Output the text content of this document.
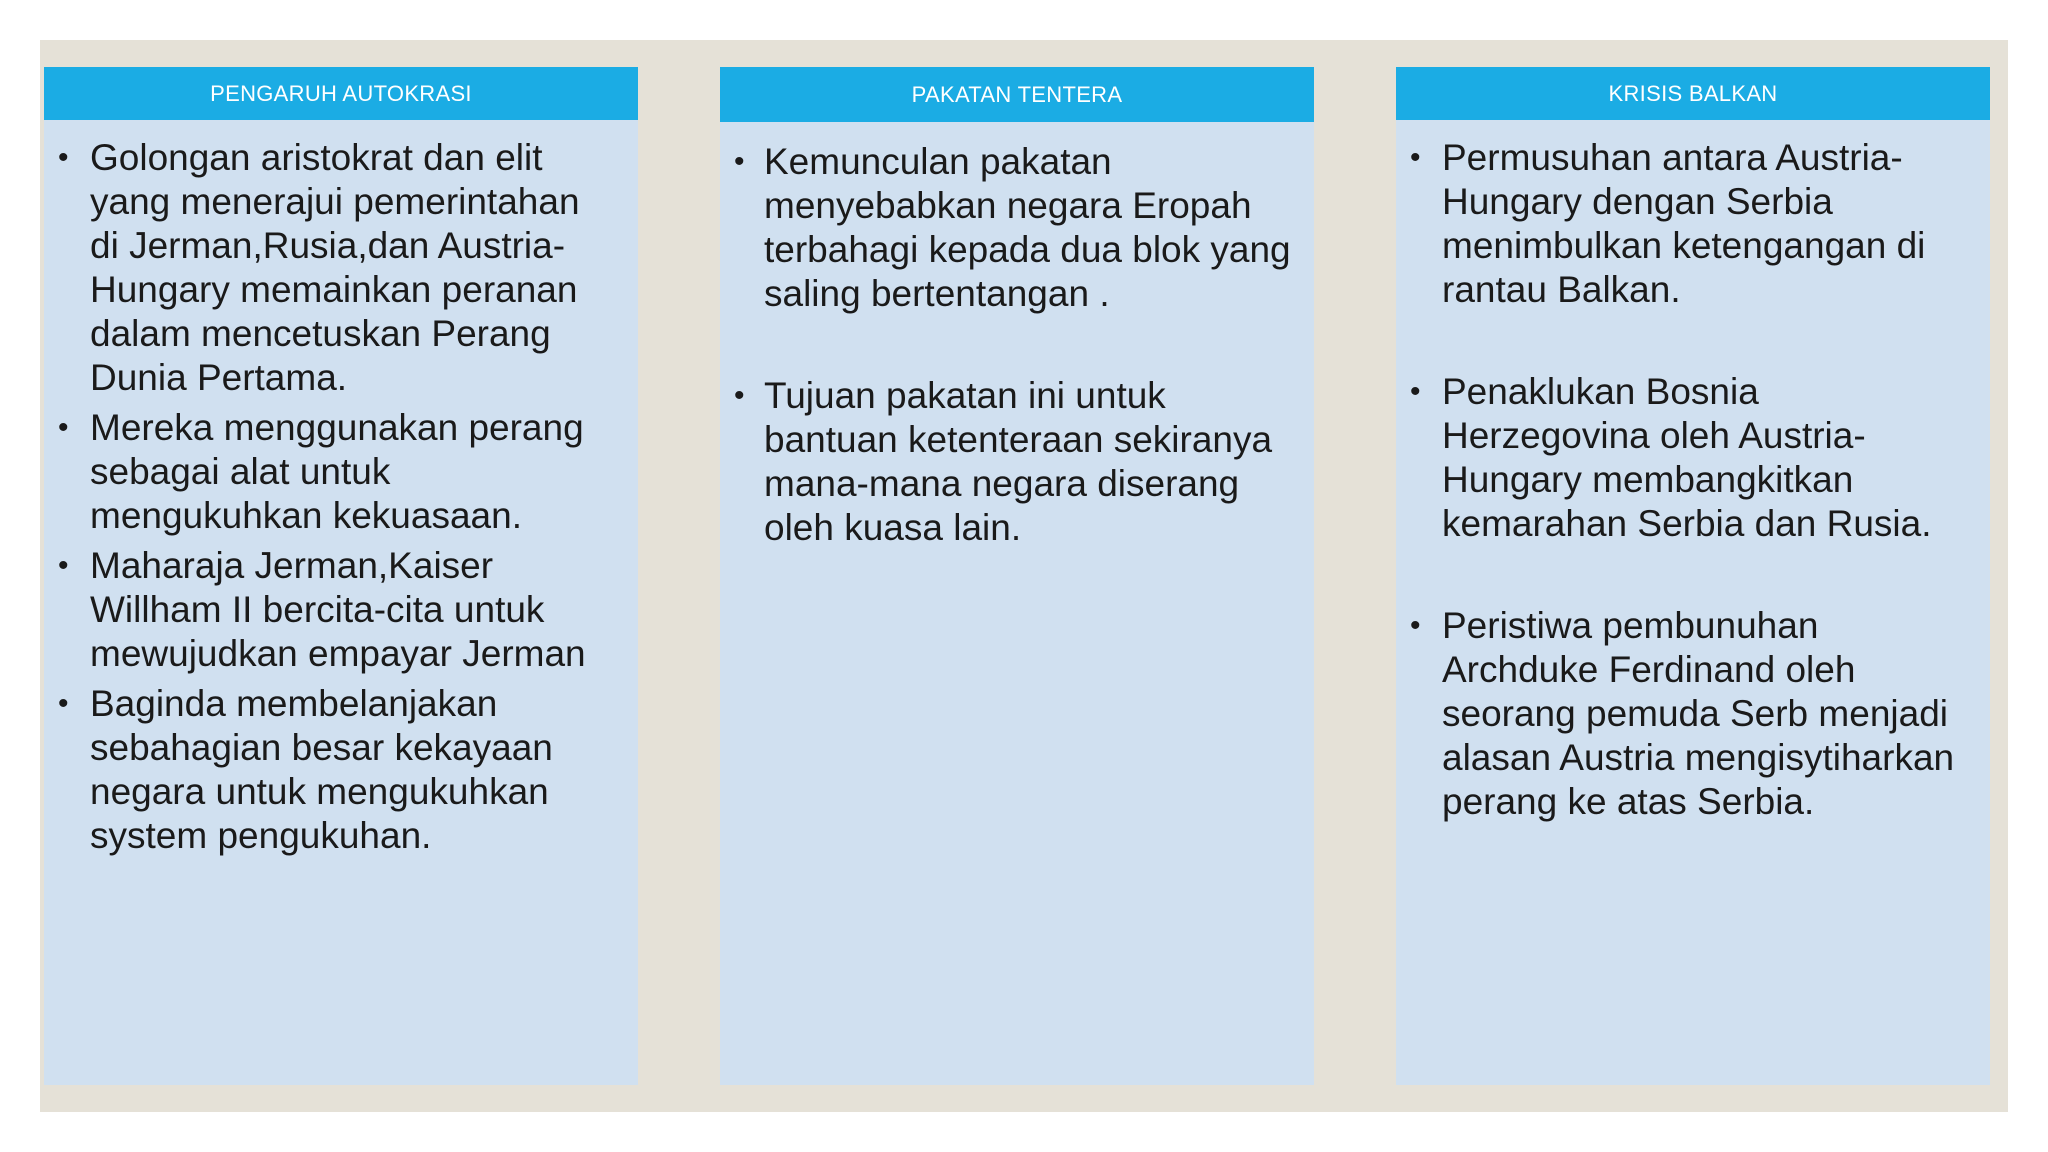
PENGARUH AUTOKRASI
• Golongan aristokrat dan elit yang menerajui pemerintahan di Jerman,Rusia,dan Austria-Hungary memainkan peranan dalam mencetuskan Perang Dunia Pertama.
• Mereka menggunakan perang sebagai alat untuk mengukuhkan kekuasaan.
• Maharaja Jerman,Kaiser Willham II bercita-cita untuk mewujudkan empayar Jerman
• Baginda membelanjakan sebahagian besar kekayaan negara untuk mengukuhkan system pengukuhan.
PAKATAN TENTERA
• Kemunculan pakatan menyebabkan negara Eropah terbahagi kepada dua blok yang saling bertentangan .
• Tujuan pakatan ini untuk bantuan ketenteraan sekiranya mana-mana negara diserang oleh kuasa lain.
KRISIS BALKAN
• Permusuhan antara Austria-Hungary dengan Serbia menimbulkan ketengangan di rantau Balkan.
• Penaklukan Bosnia Herzegovina oleh Austria-Hungary membangkitkan kemarahan Serbia dan Rusia.
• Peristiwa pembunuhan Archduke Ferdinand oleh seorang pemuda Serb menjadi alasan Austria mengisytiharkan perang ke atas Serbia.
